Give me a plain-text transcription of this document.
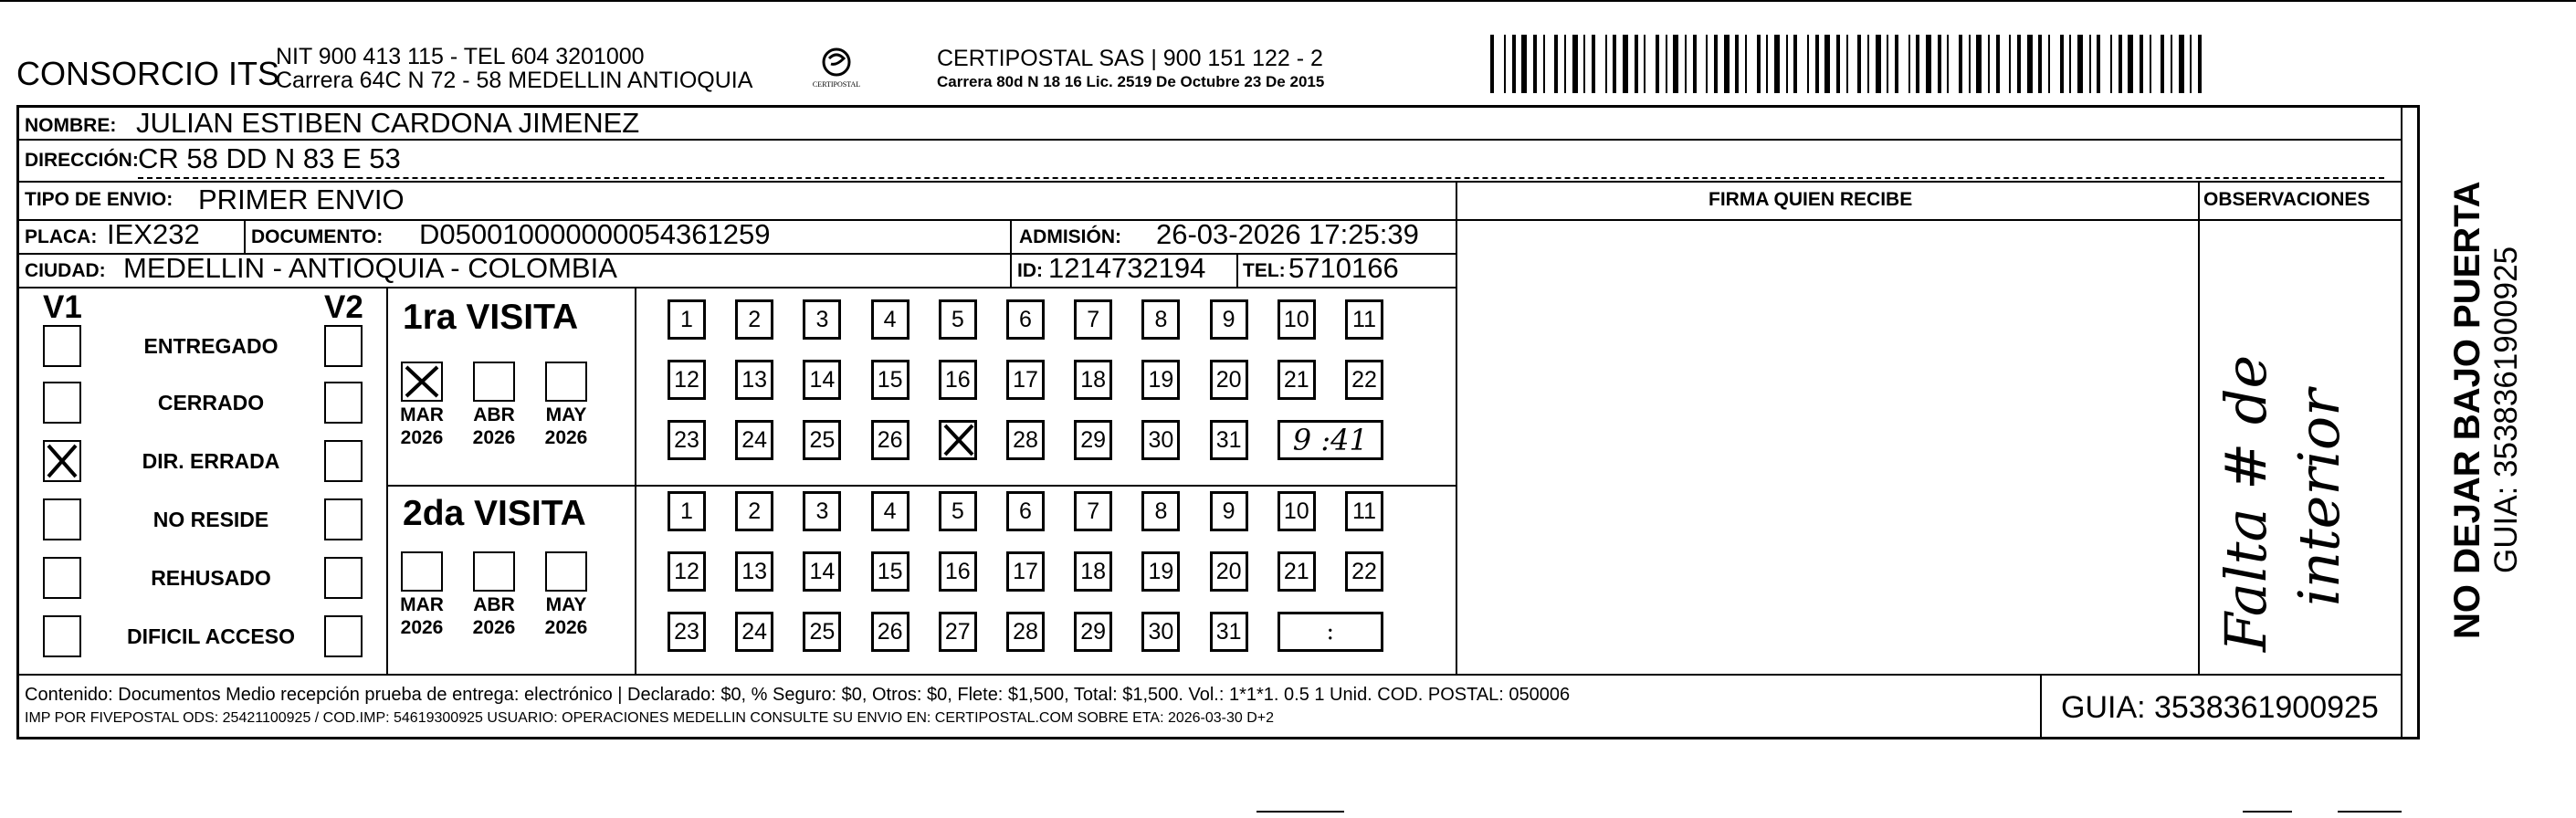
CONSORCIO ITS
NIT 900 413 115 - TEL 604 3201000
Carrera 64C N 72 - 58 MEDELLIN ANTIOQUIA	CERTIPOSTAL
CERTIPOSTAL SAS | 900 151 122 - 2
Carrera 80d N 18 16 Lic. 2519 De Octubre 23 De 2015
NOMBRE: JULIAN ESTIBEN CARDONA JIMENEZ
DIRECCIÓN: CR 58 DD N 83 E 53
TIPO DE ENVIO: PRIMER ENVIO	FIRMA QUIEN RECIBE	OBSERVACIONES
PLACA: IEX232	DOCUMENTO: D050010000000054361259	ADMISIÓN: 26-03-2026 17:25:39
CIUDAD: MEDELLIN - ANTIOQUIA - COLOMBIA	ID: 1214732194 TEL: 5710166
V1	V2
ENTREGADO
CERRADO
DIR. ERRADA
NO RESIDE
REHUSADO
DIFICIL ACCESO
1ra VISITA
2da VISITA
MAR
2026
ABR
2026
MAY
2026
1 2 3 4 5 6 7 8 9 10 11
12 13 14 15 16 17 18 19 20 21 22
23 24 25 26	28 29 30 31 9 :41
MAR
2026
ABR
2026
MAY
2026
1 2 3 4 5 6 7 8 9 10 11
12 13 14 15 16 17 18 19 20 21 22
23 24 25 26 27 28 29 30 31	:	Falta # de interior
Contenido: Documentos Medio recepción prueba de entrega: electrónico | Declarado: $0, % Seguro: $0, Otros: $0, Flete: $1,500, Total: $1,500. Vol.: 1*1*1. 0.5 1 Unid. COD. POSTAL: 050006
IMP POR FIVEPOSTAL ODS: 25421100925 / COD.IMP: 54619300925 USUARIO: OPERACIONES MEDELLIN CONSULTE SU ENVIO EN: CERTIPOSTAL.COM SOBRE ETA: 2026-03-30 D+2	GUIA: 3538361900925
NO DEJAR BAJO PUERTA GUIA: 3538361900925
